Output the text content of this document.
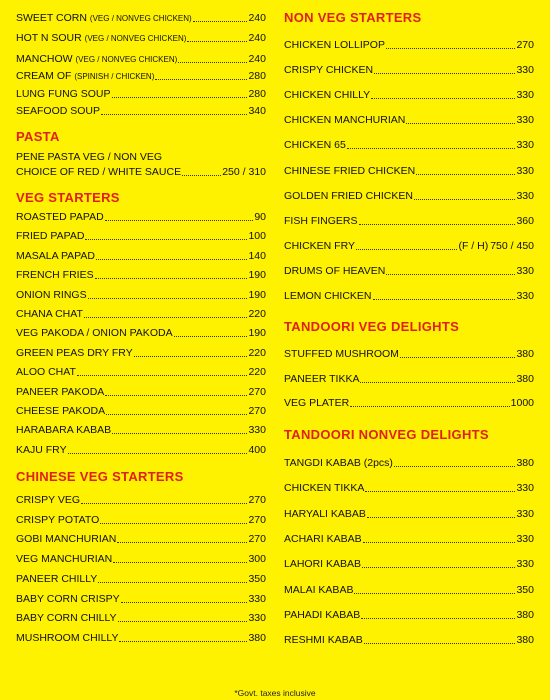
SWEET CORN (VEG / NONVEG CHICKEN)	240
HOT N SOUR (VEG / NONVEG CHICKEN)	240
MANCHOW (VEG / NONVEG CHICKEN)	240
CREAM OF (SPINISH / CHICKEN)	280
LUNG FUNG SOUP	280
SEAFOOD SOUP	340
PASTA
PENE PASTA VEG / NON VEG
CHOICE OF RED / WHITE SAUCE	250 / 310
VEG STARTERS
ROASTED PAPAD	90
FRIED PAPAD	100
MASALA PAPAD	140
FRENCH FRIES	190
ONION RINGS	190
CHANA CHAT	220
VEG PAKODA / ONION PAKODA	190
GREEN PEAS DRY FRY	220
ALOO CHAT	220
PANEER PAKODA	270
CHEESE PAKODA	270
HARABARA KABAB	330
KAJU FRY	400
CHINESE VEG STARTERS
CRISPY VEG	270
CRISPY POTATO	270
GOBI MANCHURIAN	270
VEG MANCHURIAN	300
PANEER CHILLY	350
BABY CORN CRISPY	330
BABY CORN CHILLY	330
MUSHROOM CHILLY	380
NON VEG STARTERS
CHICKEN LOLLIPOP	270
CRISPY CHICKEN	330
CHICKEN CHILLY	330
CHICKEN MANCHURIAN	330
CHICKEN 65	330
CHINESE FRIED CHICKEN	330
GOLDEN FRIED CHICKEN	330
FISH FINGERS	360
CHICKEN FRY	(F / H) 750 / 450
DRUMS OF HEAVEN	330
LEMON CHICKEN	330
TANDOORI VEG DELIGHTS
STUFFED MUSHROOM	380
PANEER TIKKA	380
VEG PLATER	1000
TANDOORI NONVEG DELIGHTS
TANGDI KABAB (2pcs)	380
CHICKEN TIKKA	330
HARYALI KABAB	330
ACHARI KABAB	330
LAHORI KABAB	330
MALAI KABAB	350
PAHADI KABAB	380
RESHMI KABAB	380
*Govt. taxes inclusive
